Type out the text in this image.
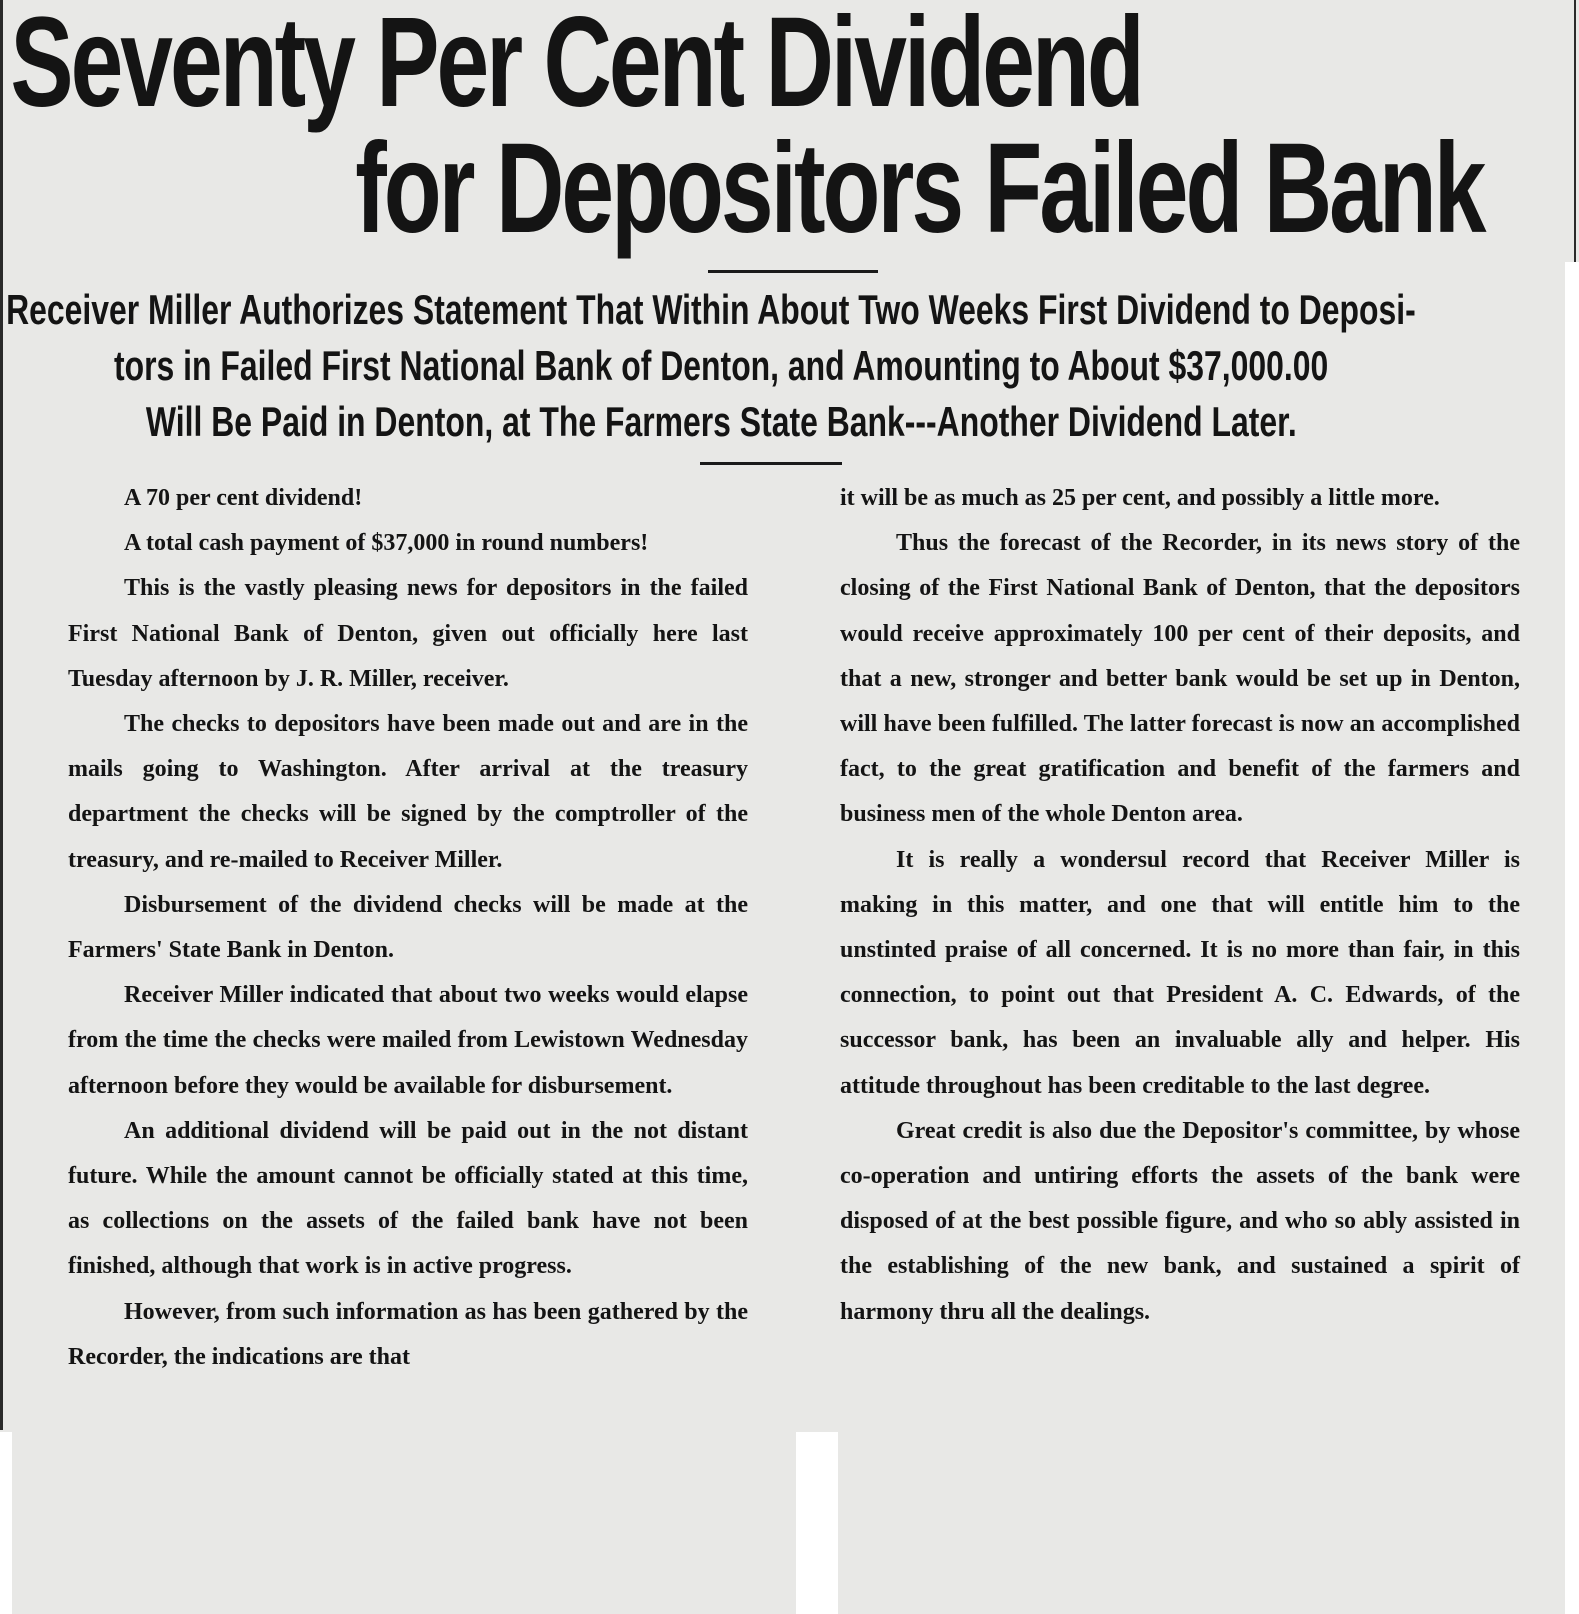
Seventy Per Cent Dividend
for Depositors Failed Bank
Receiver Miller Authorizes Statement That Within About Two Weeks First Dividend to Deposi-
tors in Failed First National Bank of Denton, and Amounting to About $37,000.00
Will Be Paid in Denton, at The Farmers State Bank---Another Dividend Later.

A 70 per cent dividend!

A total cash payment of $37,000 in round numbers!

This is the vastly pleasing news for depositors in the failed First National Bank of Denton, given out officially here last Tuesday afternoon by J. R. Miller, receiver.

The checks to depositors have been made out and are in the mails going to Washington. After arrival at the treasury department the checks will be signed by the comptroller of the treasury, and re-mailed to Receiver Miller.

Disbursement of the dividend checks will be made at the Farmers' State Bank in Denton.

Receiver Miller indicated that about two weeks would elapse from the time the checks were mailed from Lewistown Wednesday afternoon before they would be available for disbursement.

An additional dividend will be paid out in the not distant future. While the amount cannot be officially stated at this time, as collections on the assets of the failed bank have not been finished, although that work is in active progress.

However, from such information as has been gathered by the Recorder, the indications are that

it will be as much as 25 per cent, and possibly a little more.

Thus the forecast of the Recorder, in its news story of the closing of the First National Bank of Denton, that the depositors would receive approximately 100 per cent of their deposits, and that a new, stronger and better bank would be set up in Denton, will have been fulfilled. The latter forecast is now an accomplished fact, to the great gratification and benefit of the farmers and business men of the whole Denton area.

It is really a wondersul record that Receiver Miller is making in this matter, and one that will entitle him to the unstinted praise of all concerned. It is no more than fair, in this connection, to point out that President A. C. Edwards, of the successor bank, has been an invaluable ally and helper. His attitude throughout has been creditable to the last degree.

Great credit is also due the Depositor's committee, by whose co-operation and untiring efforts the assets of the bank were disposed of at the best possible figure, and who so ably assisted in the establishing of the new bank, and sustained a spirit of harmony thru all the dealings.
